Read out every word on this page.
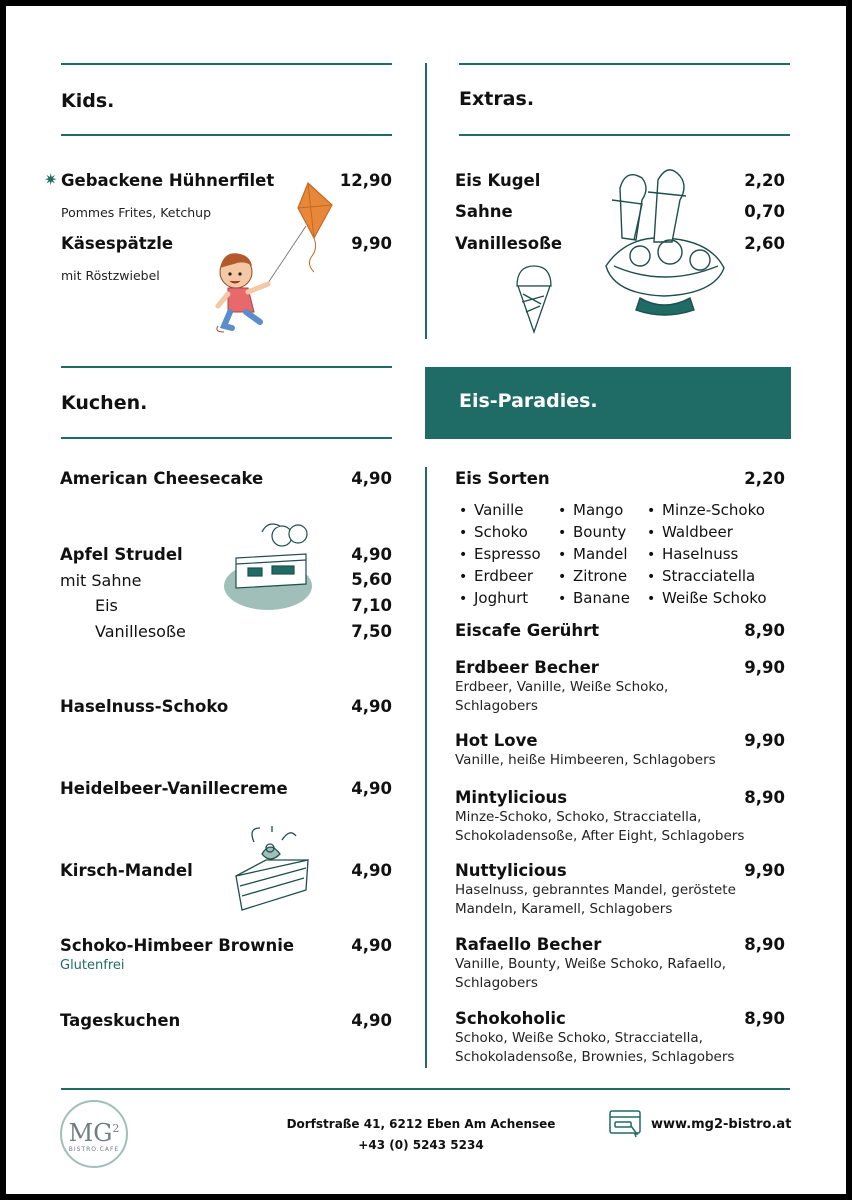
Kids.
✷ Gebackene Hühnerfilet	12,90
Pommes Frites, Ketchup
Käsespätzle	9,90
mit Röstzwiebel
Extras.
Eis Kugel	2,20
Sahne	0,70
Vanillesoße	2,60
Kuchen.
American Cheesecake	4,90
Apfel Strudel	4,90
mit Sahne	5,60
Eis	7,10
Vanillesoße	7,50
Haselnuss-Schoko	4,90
Heidelbeer-Vanillecreme	4,90
Kirsch-Mandel	4,90
Schoko-Himbeer Brownie	4,90
Glutenfrei
Tageskuchen	4,90
Eis-Paradies.
Eis Sorten	2,20
• Vanille
• Schoko
• Espresso
• Erdbeer
• Joghurt
• Mango
• Bounty
• Mandel
• Zitrone
• Banane
• Minze-Schoko
• Waldbeer
• Haselnuss
• Stracciatella
• Weiße Schoko
Eiscafe Gerührt	8,90
Erdbeer Becher	9,90
Erdbeer, Vanille, Weiße Schoko, Schlagobers
Hot Love	9,90
Vanille, heiße Himbeeren, Schlagobers
Mintylicious	8,90
Minze-Schoko, Schoko, Stracciatella, Schokoladensoße, After Eight, Schlagobers
Nuttylicious	9,90
Haselnuss, gebranntes Mandel, geröstete Mandeln, Karamell, Schlagobers
Rafaello Becher	8,90
Vanille, Bounty, Weiße Schoko, Rafaello, Schlagobers
Schokoholic	8,90
Schoko, Weiße Schoko, Stracciatella, Schokoladensoße, Brownies, Schlagobers
$MG^2$
BISTRO.CAFE
Dorfstraße 41, 6212 Eben Am Achensee
+43 (0) 5243 5234
www.mg2-bistro.at
